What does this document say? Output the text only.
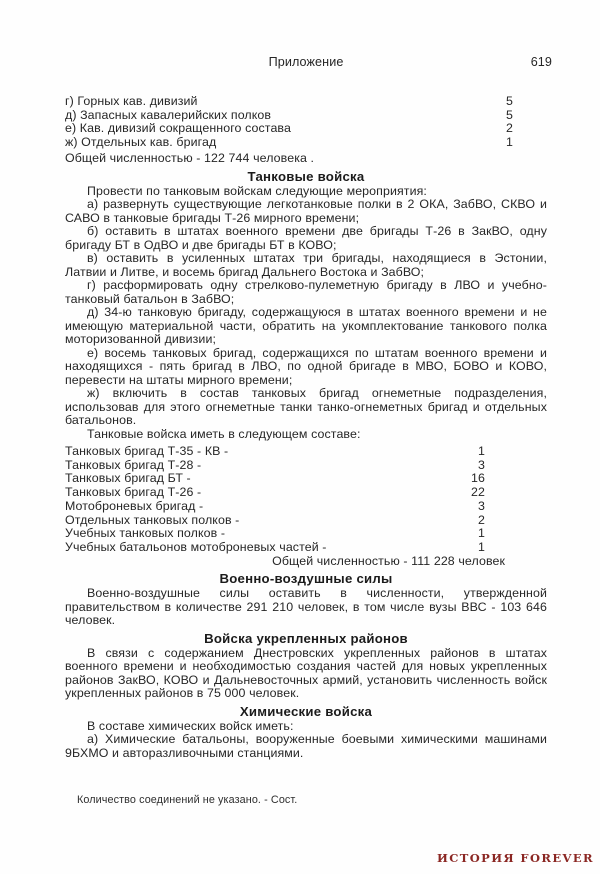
Приложение	619
г) Горных кав. дивизий	5
д) Запасных кавалерийских полков	5
е) Кав. дивизий сокращенного состава	2
ж) Отдельных кав. бригад	1

Общей численностью - 122 744 человека .

Танковые войска

Провести по танковым войскам следующие мероприятия:

а) развернуть существующие легкотанковые полки в 2 ОКА, ЗабВО, СКВО и САВО в танковые бригады Т-26 мирного времени;

б) оставить в штатах военного времени две бригады Т-26 в ЗакВО, одну бригаду БТ в ОдВО и две бригады БТ в КОВО;

в) оставить в усиленных штатах три бригады, находящиеся в Эстонии, Латвии и Литве, и восемь бригад Дальнего Востока и ЗабВО;

г) расформировать одну стрелково-пулеметную бригаду в ЛВО и учебно-танковый батальон в ЗабВО;

д) 34-ю танковую бригаду, содержащуюся в штатах военного времени и не имеющую материальной части, обратить на укомплектование танкового полка моторизованной дивизии;

е) восемь танковых бригад, содержащихся по штатам военного времени и находящихся - пять бригад в ЛВО, по одной бригаде в МВО, БОВО и КОВО, перевести на штаты мирного времени;

ж) включить в состав танковых бригад огнеметные подразделения, использовав для этого огнеметные танки танко-огнеметных бригад и отдельных батальонов.

Танковые войска иметь в следующем составе:

Танковых бригад Т-35 - КВ -	1
Танковых бригад Т-28 -	3
Танковых бригад БТ -	16
Танковых бригад Т-26 -	22
Мотоброневых бригад -	3
Отдельных танковых полков -	2
Учебных танковых полков -	1
Учебных батальонов мотоброневых частей -	1

Общей численностью - 111 228 человек

Военно-воздушные силы

Военно-воздушные силы оставить в численности, утвержденной правительством в количестве 291 210 человек, в том числе вузы ВВС - 103 646 человек.

Войска укрепленных районов

В связи с содержанием Днестровских укрепленных районов в штатах военного времени и необходимостью создания частей для новых укрепленных районов ЗакВО, КОВО и Дальневосточных армий, установить численность войск укрепленных районов в 75 000 человек.

Химические войска

В составе химических войск иметь:

а) Химические батальоны, вооруженные боевыми химическими машинами 9БХМО и авторазливочными станциями.

Количество соединений не указано. - Сост.
ИСТОРИЯ FOREVER
